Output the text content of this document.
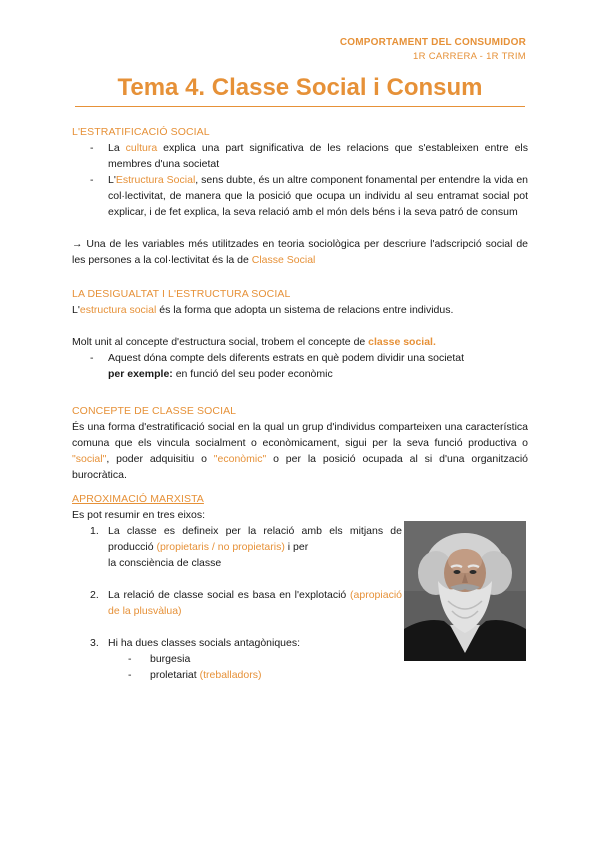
COMPORTAMENT DEL CONSUMIDOR
1R CARRERA - 1R TRIM
Tema 4. Classe Social i Consum
L'ESTRATIFICACIÓ SOCIAL
- La cultura explica una part significativa de les relacions que s'estableixen entre els membres d'una societat
- L'Estructura Social, sens dubte, és un altre component fonamental per entendre la vida en col·lectivitat, de manera que la posició que ocupa un individu al seu entramat social pot explicar, i de fet explica, la seva relació amb el món dels béns i la seva patró de consum
→ Una de les variables més utilitzades en teoria sociològica per descriure l'adscripció social de les persones a la col·lectivitat és la de Classe Social
LA DESIGUALTAT I L'ESTRUCTURA SOCIAL
L'estructura social és la forma que adopta un sistema de relacions entre individus.
Molt unit al concepte d'estructura social, trobem el concepte de classe social.
- Aquest dóna compte dels diferents estrats en què podem dividir una societat
per exemple: en funció del seu poder econòmic
CONCEPTE DE CLASSE SOCIAL
És una forma d'estratificació social en la qual un grup d'individus comparteixen una característica comuna que els vincula socialment o econòmicament, sigui per la seva funció productiva o "social", poder adquisitiu o "econòmic" o per la posició ocupada al si d'una organització burocràtica.
APROXIMACIÓ MARXISTA
Es pot resumir en tres eixos:
1. La classe es defineix per la relació amb els mitjans de producció (propietaris / no propietaris) i per
la consciència de classe
2. La relació de classe social es basa en l'explotació (apropiació de la plusvàlua)
3. Hi ha dues classes socials antagòniques:
- burgesia
- proletariat (treballadors)
